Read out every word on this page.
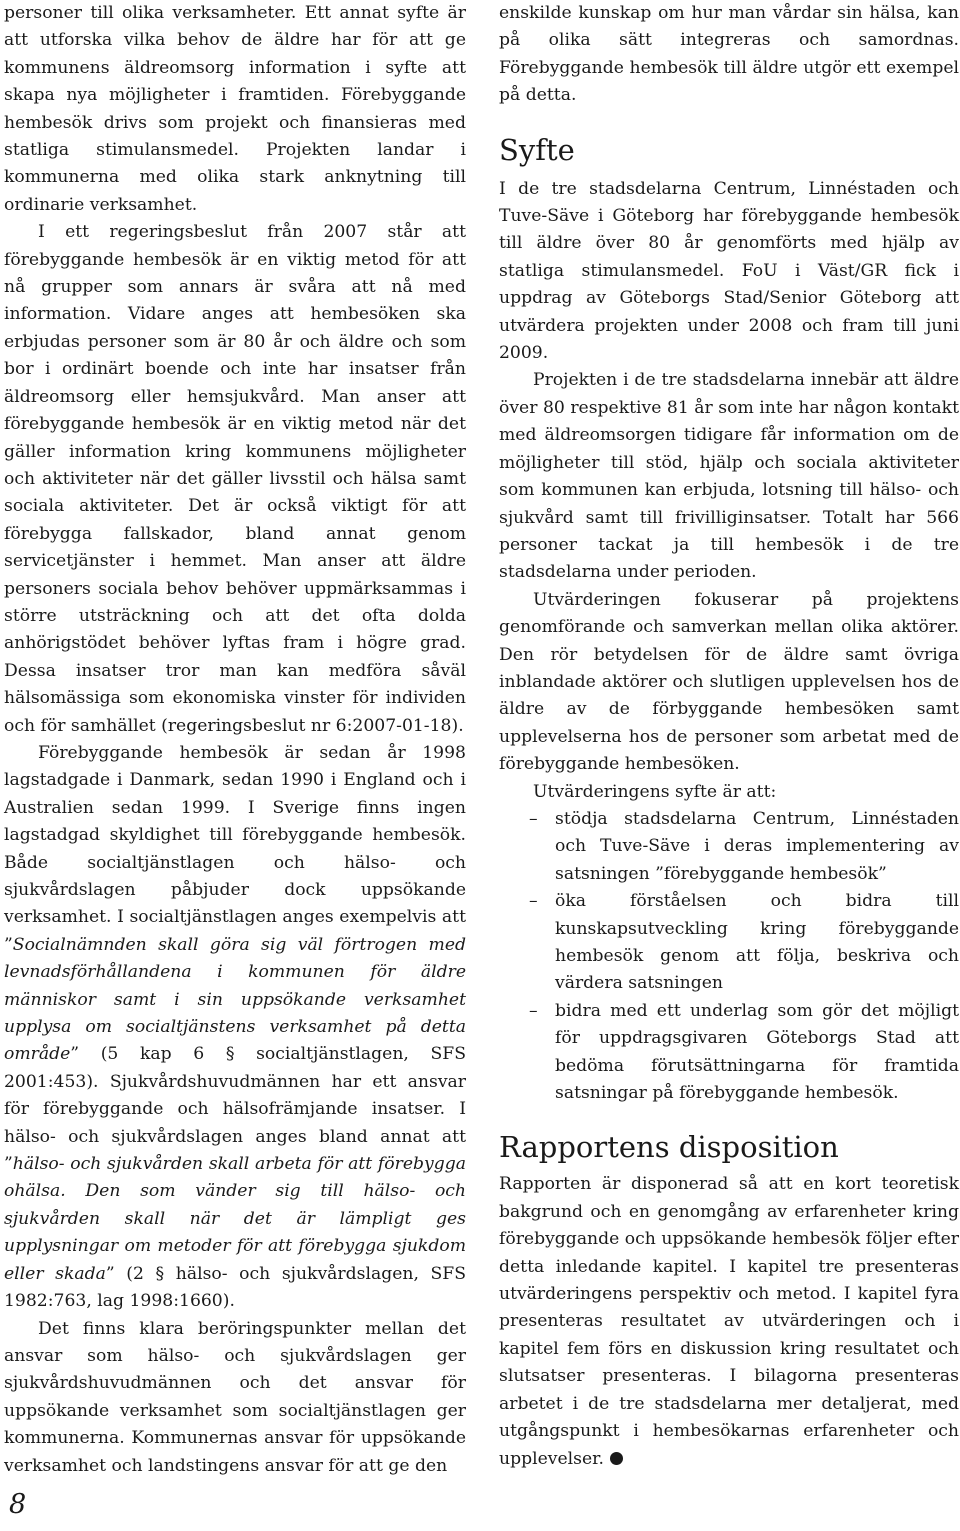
personer till olika verksamheter. Ett annat syfte är att utforska vilka behov de äldre har för att ge kommunens äldreomsorg information i syfte att skapa nya möjligheter i framtiden. Förebyggande hembesök drivs som projekt och finansieras med statliga stimulansmedel. Projekten landar i kommunerna med olika stark anknytning till ordinarie verksamhet.

I ett regeringsbeslut från 2007 står att förebyggande hembesök är en viktig metod för att nå grupper som annars är svåra att nå med information. Vidare anges att hembesöken ska erbjudas personer som är 80 år och äldre och som bor i ordinärt boende och inte har insatser från äldreomsorg eller hemsjukvård. Man anser att förebyggande hembesök är en viktig metod när det gäller information kring kommunens möjligheter och aktiviteter när det gäller livsstil och hälsa samt sociala aktiviteter. Det är också viktigt för att förebygga fallskador, bland annat genom servicetjänster i hemmet. Man anser att äldre personers sociala behov behöver uppmärksammas i större utsträckning och att det ofta dolda anhörigstödet behöver lyftas fram i högre grad. Dessa insatser tror man kan medföra såväl hälsomässiga som ekonomiska vinster för individen och för samhället (regeringsbeslut nr 6:2007-01-18).

Förebyggande hembesök är sedan år 1998 lagstadgade i Danmark, sedan 1990 i England och i Australien sedan 1999. I Sverige finns ingen lagstadgad skyldighet till förebyggande hembesök. Både socialtjänstlagen och hälso- och sjukvårdslagen påbjuder dock uppsökande verksamhet. I socialtjänstlagen anges exempelvis att ”Socialnämnden skall göra sig väl förtrogen med levnadsförhållandena i kommunen för äldre människor samt i sin uppsökande verksamhet upplysa om socialtjänstens verksamhet på detta område” (5 kap 6 § socialtjänstlagen, SFS 2001:453). Sjukvårdshuvudmännen har ett ansvar för förebyggande och hälsofrämjande insatser. I hälso- och sjukvårdslagen anges bland annat att ”hälso- och sjukvården skall arbeta för att förebygga ohälsa. Den som vänder sig till hälso- och sjukvården skall när det är lämpligt ges upplysningar om metoder för att förebygga sjukdom eller skada” (2 § hälso- och sjukvårdslagen, SFS 1982:763, lag 1998:1660).

Det finns klara beröringspunkter mellan det ansvar som hälso- och sjukvårdslagen ger sjukvårdshuvudmännen och det ansvar för uppsökande verksamhet som socialtjänstlagen ger kommunerna. Kommunernas ansvar för uppsökande verksamhet och landstingens ansvar för att ge den

enskilde kunskap om hur man vårdar sin hälsa, kan på olika sätt integreras och samordnas. Förebyggande hembesök till äldre utgör ett exempel på detta.

Syfte

I de tre stadsdelarna Centrum, Linnéstaden och Tuve-Säve i Göteborg har förebyggande hembesök till äldre över 80 år genomförts med hjälp av statliga stimulansmedel. FoU i Väst/GR fick i uppdrag av Göteborgs Stad/Senior Göteborg att utvärdera projekten under 2008 och fram till juni 2009.

Projekten i de tre stadsdelarna innebär att äldre över 80 respektive 81 år som inte har någon kontakt med äldreomsorgen tidigare får information om de möjligheter till stöd, hjälp och sociala aktiviteter som kommunen kan erbjuda, lotsning till hälso- och sjukvård samt till frivilliginsatser. Totalt har 566 personer tackat ja till hembesök i de tre stadsdelarna under perioden.

Utvärderingen fokuserar på projektens genomförande och samverkan mellan olika aktörer. Den rör betydelsen för de äldre samt övriga inblandade aktörer och slutligen upplevelsen hos de äldre av de förbyggande hembesöken samt upplevelserna hos de personer som arbetat med de förebyggande hembesöken.

Utvärderingens syfte är att:

– stödja stadsdelarna Centrum, Linnéstaden och Tuve-Säve i deras implementering av satsningen ”förebyggande hembesök”
– öka förståelsen och bidra till kunskapsutveckling kring förebyggande hembesök genom att följa, beskriva och värdera satsningen
– bidra med ett underlag som gör det möjligt för uppdragsgivaren Göteborgs Stad att bedöma förutsättningarna för framtida satsningar på förebyggande hembesök.
Rapportens disposition

Rapporten är disponerad så att en kort teoretisk bakgrund och en genomgång av erfarenheter kring förebyggande och uppsökande hembesök följer efter detta inledande kapitel. I kapitel tre presenteras utvärderingens perspektiv och metod. I kapitel fyra presenteras resultatet av utvärderingen och i kapitel fem förs en diskussion kring resultatet och slutsatser presenteras. I bilagorna presenteras arbetet i de tre stadsdelarna mer detaljerat, med utgångspunkt i hembesökarnas erfarenheter och upplevelser.

8
